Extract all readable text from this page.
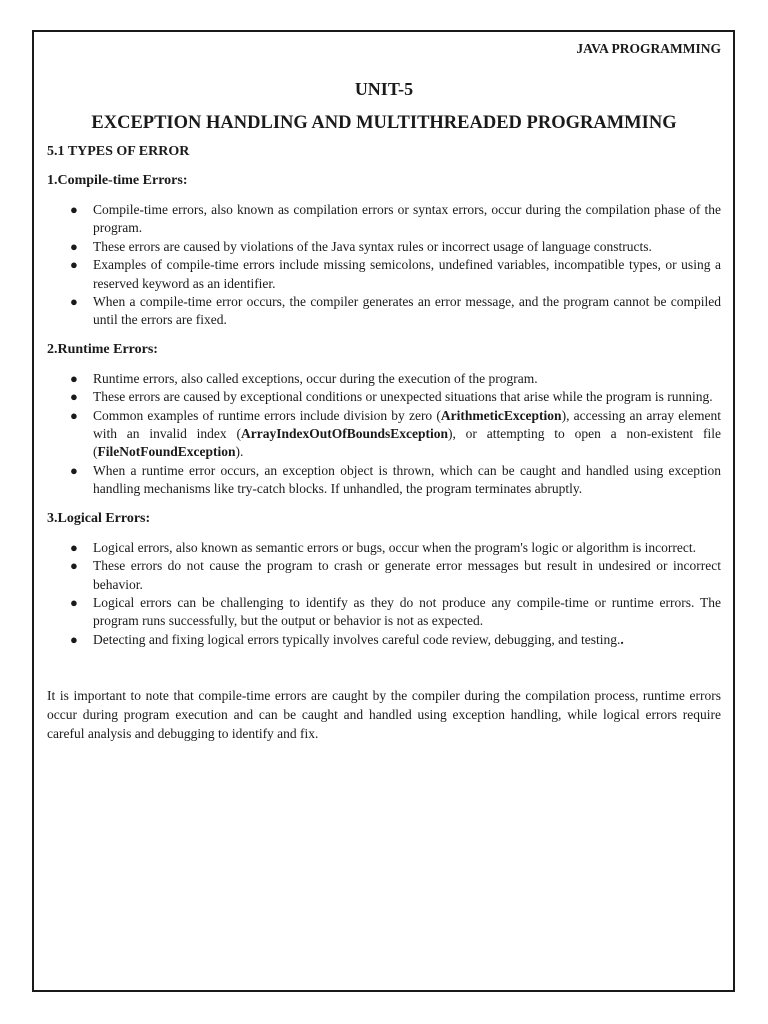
JAVA PROGRAMMING

UNIT-5

EXCEPTION HANDLING AND MULTITHREADED PROGRAMMING

5.1 TYPES OF ERROR

1.Compile-time Errors:

● Compile-time errors, also known as compilation errors or syntax errors, occur during the compilation phase of the program.
● These errors are caused by violations of the Java syntax rules or incorrect usage of language constructs.
● Examples of compile-time errors include missing semicolons, undefined variables, incompatible types, or using a reserved keyword as an identifier.
● When a compile-time error occurs, the compiler generates an error message, and the program cannot be compiled until the errors are fixed.

2.Runtime Errors:

● Runtime errors, also called exceptions, occur during the execution of the program.
● These errors are caused by exceptional conditions or unexpected situations that arise while the program is running.
● Common examples of runtime errors include division by zero (ArithmeticException), accessing an array element with an invalid index (ArrayIndexOutOfBoundsException), or attempting to open a non-existent file (FileNotFoundException).
● When a runtime error occurs, an exception object is thrown, which can be caught and handled using exception handling mechanisms like try-catch blocks. If unhandled, the program terminates abruptly.

3.Logical Errors:

● Logical errors, also known as semantic errors or bugs, occur when the program's logic or algorithm is incorrect.
● These errors do not cause the program to crash or generate error messages but result in undesired or incorrect behavior.
● Logical errors can be challenging to identify as they do not produce any compile-time or runtime errors. The program runs successfully, but the output or behavior is not as expected.
● Detecting and fixing logical errors typically involves careful code review, debugging, and testing..

It is important to note that compile-time errors are caught by the compiler during the compilation process, runtime errors occur during program execution and can be caught and handled using exception handling, while logical errors require careful analysis and debugging to identify and fix.
